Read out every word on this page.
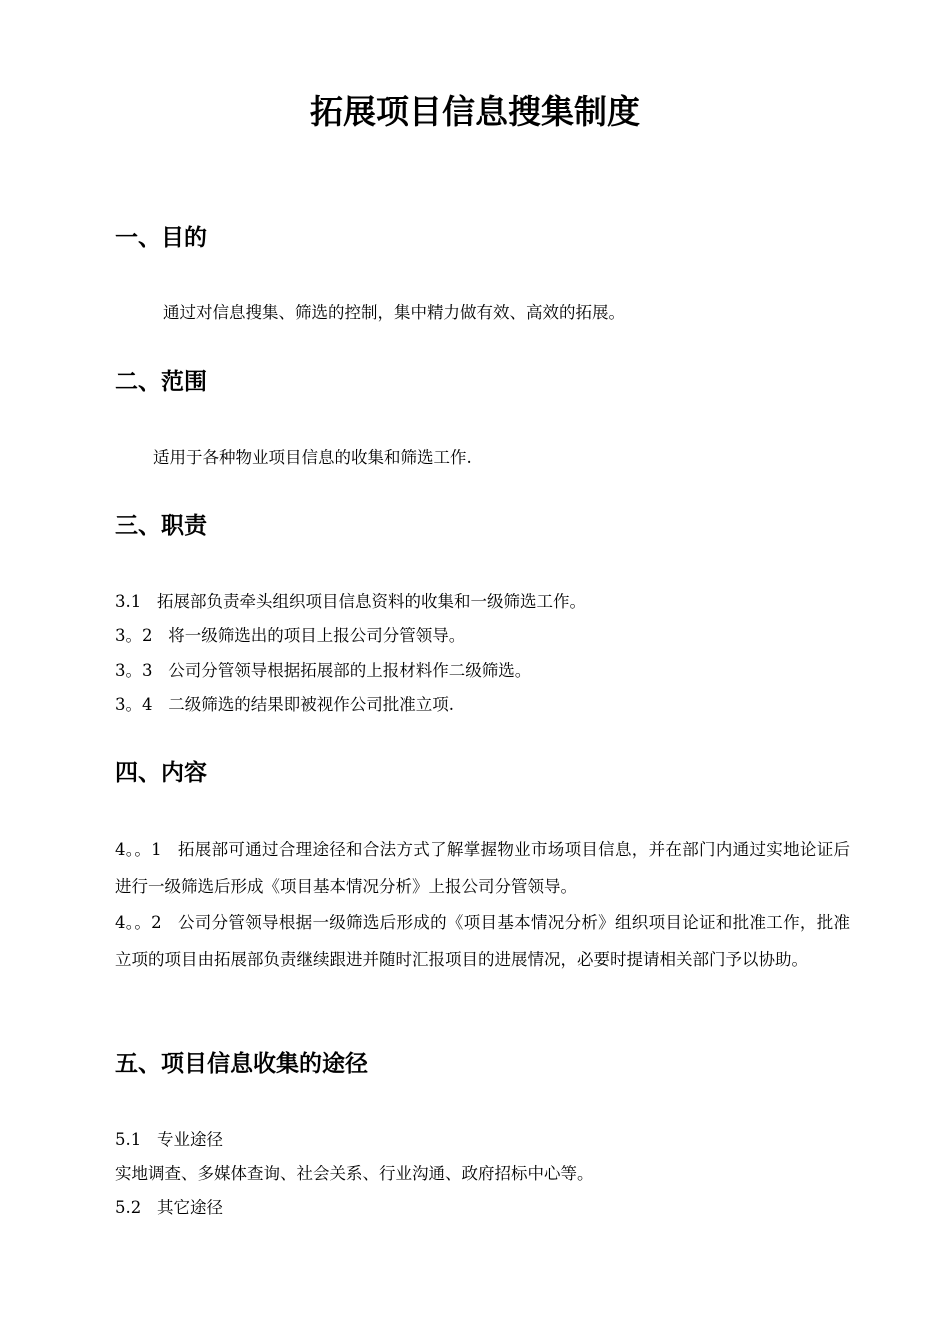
拓展项目信息搜集制度
一、目的
通过对信息搜集、筛选的控制，集中精力做有效、高效的拓展。
二、范围
适用于各种物业项目信息的收集和筛选工作.
三、职责
3.1 拓展部负责牵头组织项目信息资料的收集和一级筛选工作。
3。2 将一级筛选出的项目上报公司分管领导。
3。3 公司分管领导根据拓展部的上报材料作二级筛选。
3。4 二级筛选的结果即被视作公司批准立项.
四、内容
4。。1 拓展部可通过合理途径和合法方式了解掌握物业市场项目信息，并在部门内通过实地论证后进行一级筛选后形成《项目基本情况分析》上报公司分管领导。
4。。2 公司分管领导根据一级筛选后形成的《项目基本情况分析》组织项目论证和批准工作，批准立项的项目由拓展部负责继续跟进并随时汇报项目的进展情况，必要时提请相关部门予以协助。
五、项目信息收集的途径
5.1 专业途径
实地调查、多媒体查询、社会关系、行业沟通、政府招标中心等。
5.2 其它途径
